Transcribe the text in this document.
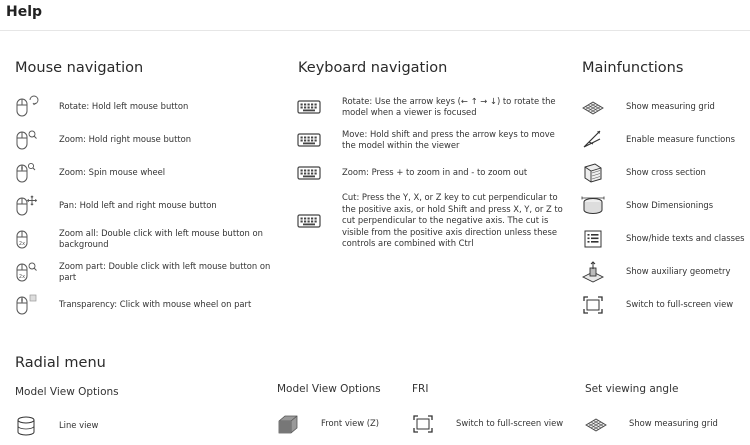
Help
Mouse navigation
Rotate: Hold left mouse button
Zoom: Hold right mouse button
Zoom: Spin mouse wheel
Pan: Hold left and right mouse button
2x
Zoom all: Double click with left mouse button on background
2x
Zoom part: Double click with left mouse button on part
Transparency: Click with mouse wheel on part
Keyboard navigation
Rotate: Use the arrow keys (← ↑ → ↓) to rotate the model when a viewer is focused
Move: Hold shift and press the arrow keys to move the model within the viewer
Zoom: Press + to zoom in and - to zoom out
Cut: Press the Y, X, or Z key to cut perpendicular to the positive axis, or hold Shift and press X, Y, or Z to cut perpendicular to the negative axis. The cut is visible from the positive axis direction unless these controls are combined with Ctrl
Mainfunctions
Show measuring grid
Enable measure functions
Show cross section
Show Dimensionings
Show/hide texts and classes
Show auxiliary geometry
Switch to full-screen view
Radial menu
Model View Options
Line view
Model View Options
Front view (Z)
FRI
Switch to full-screen view
Set viewing angle
Show measuring grid
